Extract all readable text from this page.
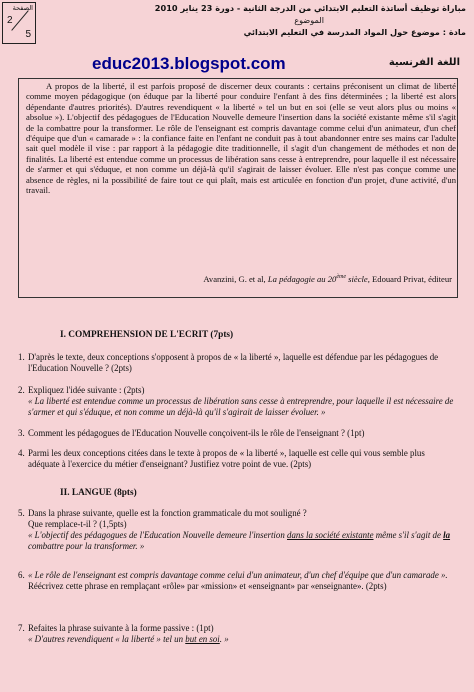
الصفحة
2
5
مباراة توظيف أساتذة التعليم الابتدائي من الدرجة الثانية - دورة 23 يناير 2010
الموضوع
مادة : موضوع حول المواد المدرسة في التعليم الابتدائي
educ2013.blogspot.com	اللغة الفرنسية

A propos de la liberté, il est parfois proposé de discerner deux courants : certains préconisent un climat de liberté comme moyen pédagogique (on éduque par la liberté pour conduire l'enfant à des fins déterminées ; la liberté est alors dépendante d'autres priorités). D'autres revendiquent « la liberté » tel un but en soi (elle se veut alors plus ou moins « absolue »). L'objectif des pédagogues de l'Education Nouvelle demeure l'insertion dans la société existante même s'il s'agit de la combattre pour la transformer. Le rôle de l'enseignant est compris davantage comme celui d'un animateur, d'un chef d'équipe que d'un « camarade » : la confiance faite en l'enfant ne conduit pas à tout abandonner entre ses mains car l'adulte sait quel modèle il vise : par rapport à la pédagogie dite traditionnelle, il s'agit d'un changement de méthodes et non de finalités. La liberté est entendue comme un processus de libération sans cesse à entreprendre, pour laquelle il est nécessaire de s'armer et qui s'éduque, et non comme un déjà-là qu'il s'agirait de laisser évoluer. Elle n'est pas conçue comme une absence de règles, ni la possibilité de faire tout ce qui plaît, mais est articulée en fonction d'un projet, d'une activité, d'un travail.

Avanzini, G. et al, La pédagogie au 20ème siècle, Edouard Privat, éditeur
I. COMPREHENSION DE L'ECRIT (7pts)
1. D'après le texte, deux conceptions s'opposent à propos de « la liberté », laquelle est défendue par les pédagogues de l'Education Nouvelle ? (2pts)
2. Expliquez l'idée suivante : (2pts)
« La liberté est entendue comme un processus de libération sans cesse à entreprendre, pour laquelle il est nécessaire de s'armer et qui s'éduque, et non comme un déjà-là qu'il s'agirait de laisser évoluer. »
3. Comment les pédagogues de l'Education Nouvelle conçoivent-ils le rôle de l'enseignant ? (1pt)
4. Parmi les deux conceptions citées dans le texte à propos de « la liberté », laquelle est celle qui vous semble plus adéquate à l'exercice du métier d'enseignant? Justifiez votre point de vue. (2pts)
II. LANGUE (8pts)
5. Dans la phrase suivante, quelle est la fonction grammaticale du mot souligné ?
Que remplace-t-il ? (1,5pts)
« L'objectif des pédagogues de l'Education Nouvelle demeure l'insertion dans la société existante même s'il s'agit de la combattre pour la transformer. »
6. « Le rôle de l'enseignant est compris davantage comme celui d'un animateur, d'un chef d'équipe que d'un camarade ».
Réécrivez cette phrase en remplaçant «rôle» par «mission» et «enseignant» par «enseignante». (2pts)
7. Refaites la phrase suivante à la forme passive : (1pt)
« D'autres revendiquent « la liberté » tel un but en soi. »
